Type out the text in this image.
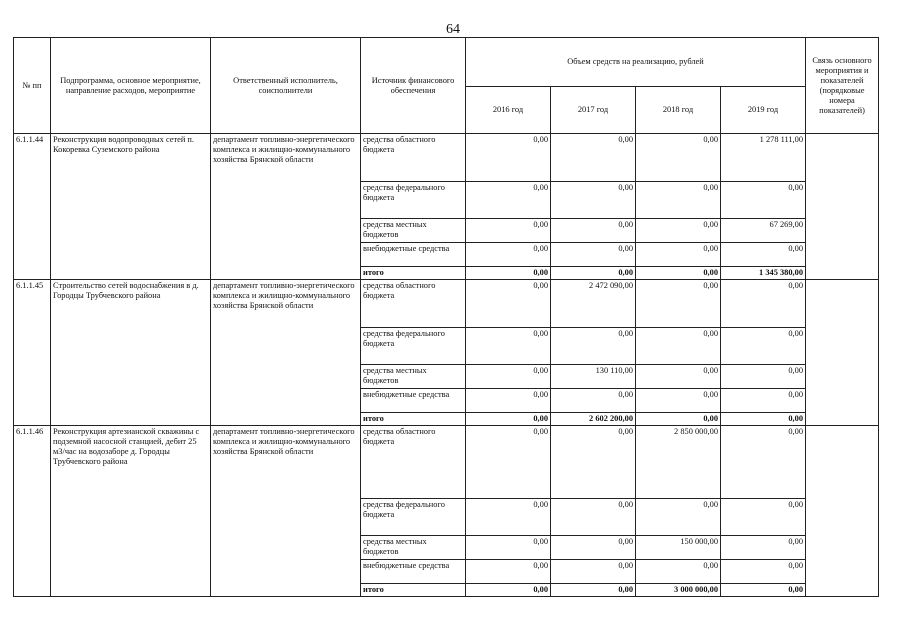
64
№ пп	Подпрограмма, основное мероприятие, направление расходов, мероприятие	Ответственный исполнитель, соисполнители	Источник финансового обеспечения	Объем средств на реализацию, рублей				Связь основного мероприятия и показателей (порядковые номера показателей)
				2016 год	2017 год	2018 год	2019 год	
6.1.1.44	Реконструкция водопроводных сетей п. Кокоревка Суземского района	департамент топливно-энергетического комплекса и жилищно-коммунального хозяйства Брянской области	средства областного бюджета	0,00	0,00	0,00	1 278 111,00	
			средства федерального бюджета	0,00	0,00	0,00	0,00	
			средства местных бюджетов	0,00	0,00	0,00	67 269,00	
			внебюджетные средства	0,00	0,00	0,00	0,00	
			итого	0,00	0,00	0,00	1 345 380,00	
6.1.1.45	Строительство сетей водоснабжения в д. Городцы Трубчевского района	департамент топливно-энергетического комплекса и жилищно-коммунального хозяйства Брянской области	средства областного бюджета	0,00	2 472 090,00	0,00	0,00	
			средства федерального бюджета	0,00	0,00	0,00	0,00	
			средства местных бюджетов	0,00	130 110,00	0,00	0,00	
			внебюджетные средства	0,00	0,00	0,00	0,00	
			итого	0,00	2 602 200,00	0,00	0,00	
6.1.1.46	Реконструкция артезианской скважины с подземной насосной станцией, дебит 25 м3/час на водозаборе д. Городцы Трубчевского района	департамент топливно-энергетического комплекса и жилищно-коммунального хозяйства Брянской области	средства областного бюджета	0,00	0,00	2 850 000,00	0,00	
			средства федерального бюджета	0,00	0,00	0,00	0,00	
			средства местных бюджетов	0,00	0,00	150 000,00	0,00	
			внебюджетные средства	0,00	0,00	0,00	0,00	
			итого	0,00	0,00	3 000 000,00	0,00	
